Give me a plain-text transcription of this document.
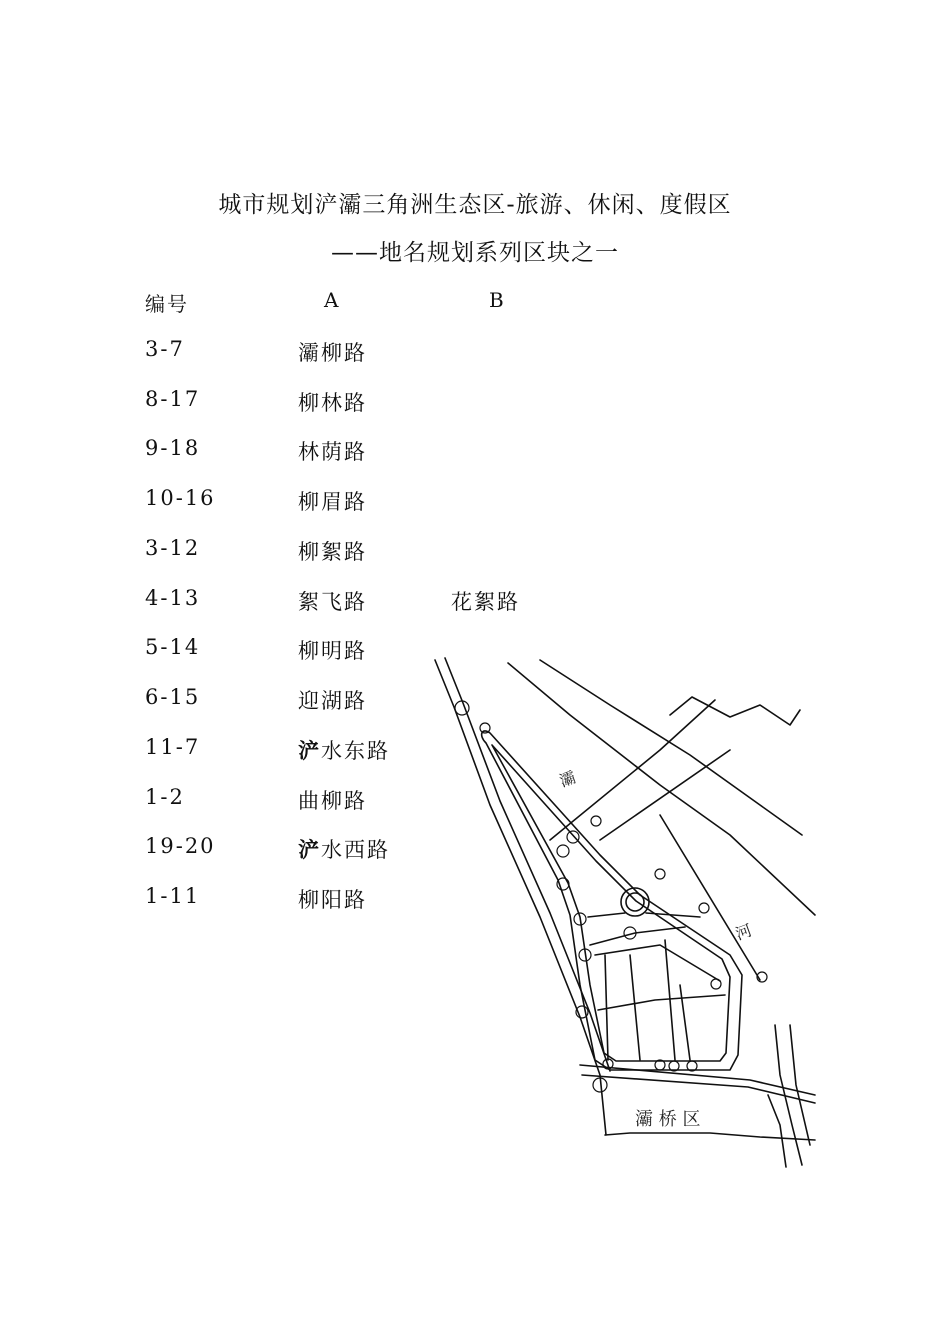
城市规划浐灞三角洲生态区-旅游、休闲、度假区
——地名规划系列区块之一
编号	A	B
3-7	灞柳路
8-17	柳林路
9-18	林荫路
10-16	柳眉路
3-12	柳絮路
4-13	絮飞路	花絮路
5-14	柳明路
6-15	迎湖路
11-7	浐水东路
1-2	曲柳路
19-20	浐水西路
1-11	柳阳路
灞
河
灞 桥 区
